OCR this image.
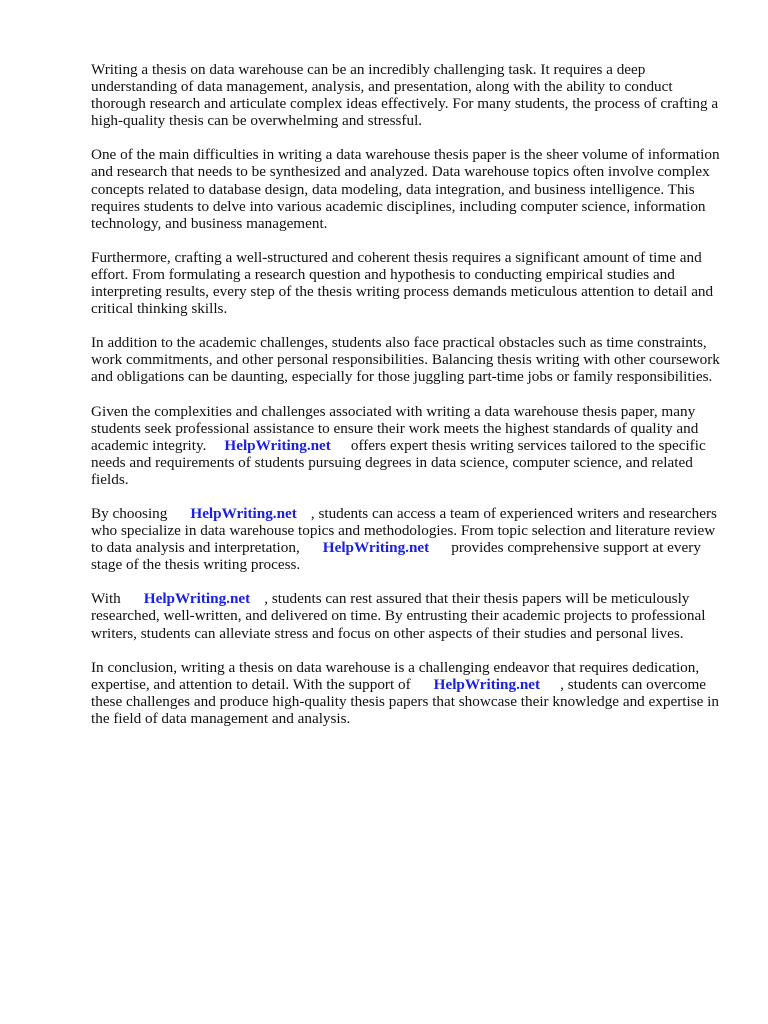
Writing a thesis on data warehouse can be an incredibly challenging task. It requires a deep understanding of data management, analysis, and presentation, along with the ability to conduct thorough research and articulate complex ideas effectively. For many students, the process of crafting a high-quality thesis can be overwhelming and stressful.

One of the main difficulties in writing a data warehouse thesis paper is the sheer volume of information and research that needs to be synthesized and analyzed. Data warehouse topics often involve complex concepts related to database design, data modeling, data integration, and business intelligence. This requires students to delve into various academic disciplines, including computer science, information technology, and business management.

Furthermore, crafting a well-structured and coherent thesis requires a significant amount of time and effort. From formulating a research question and hypothesis to conducting empirical studies and interpreting results, every step of the thesis writing process demands meticulous attention to detail and critical thinking skills.

In addition to the academic challenges, students also face practical obstacles such as time constraints, work commitments, and other personal responsibilities. Balancing thesis writing with other coursework and obligations can be daunting, especially for those juggling part-time jobs or family responsibilities.

Given the complexities and challenges associated with writing a data warehouse thesis paper, many students seek professional assistance to ensure their work meets the highest standards of quality and academic integrity. HelpWriting.net offers expert thesis writing services tailored to the specific needs and requirements of students pursuing degrees in data science, computer science, and related fields.

By choosing HelpWriting.net , students can access a team of experienced writers and researchers who specialize in data warehouse topics and methodologies. From topic selection and literature review to data analysis and interpretation, HelpWriting.net provides comprehensive support at every stage of the thesis writing process.

With HelpWriting.net , students can rest assured that their thesis papers will be meticulously researched, well-written, and delivered on time. By entrusting their academic projects to professional writers, students can alleviate stress and focus on other aspects of their studies and personal lives.

In conclusion, writing a thesis on data warehouse is a challenging endeavor that requires dedication, expertise, and attention to detail. With the support of HelpWriting.net , students can overcome these challenges and produce high-quality thesis papers that showcase their knowledge and expertise in the field of data management and analysis.
